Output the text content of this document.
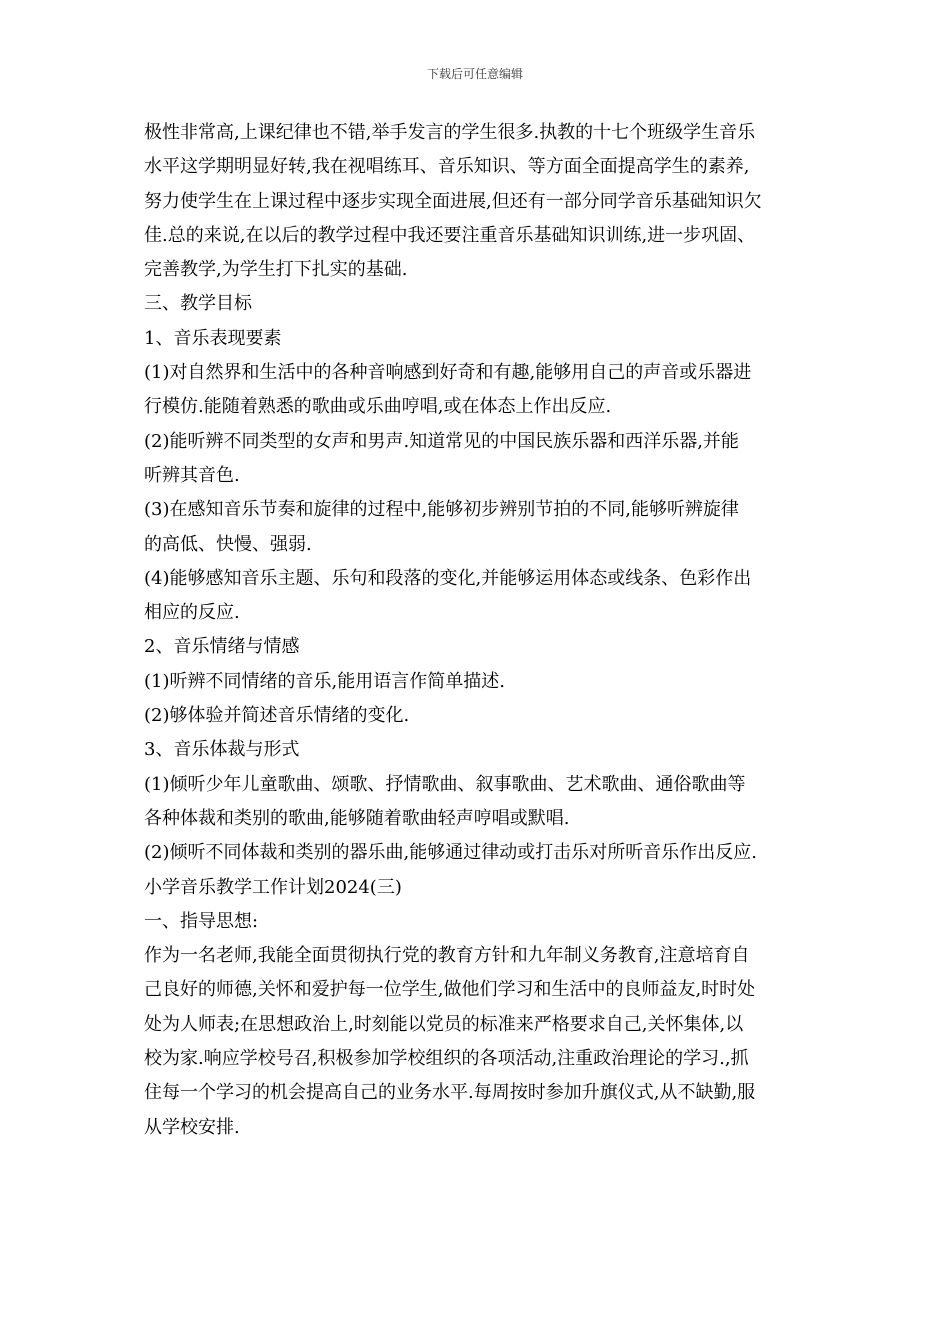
下载后可任意编辑
极性非常高,上课纪律也不错,举手发言的学生很多.执教的十七个班级学生音乐
水平这学期明显好转,我在视唱练耳、音乐知识、等方面全面提高学生的素养,
努力使学生在上课过程中逐步实现全面进展,但还有一部分同学音乐基础知识欠
佳.总的来说,在以后的教学过程中我还要注重音乐基础知识训练,进一步巩固、
完善教学,为学生打下扎实的基础.
三、教学目标
1、音乐表现要素
(1)对自然界和生活中的各种音响感到好奇和有趣,能够用自己的声音或乐器进
行模仿.能随着熟悉的歌曲或乐曲哼唱,或在体态上作出反应.
(2)能听辨不同类型的女声和男声.知道常见的中国民族乐器和西洋乐器,并能
听辨其音色.
(3)在感知音乐节奏和旋律的过程中,能够初步辨别节拍的不同,能够听辨旋律
的高低、快慢、强弱.
(4)能够感知音乐主题、乐句和段落的变化,并能够运用体态或线条、色彩作出
相应的反应.
2、音乐情绪与情感
(1)听辨不同情绪的音乐,能用语言作简单描述.
(2)够体验并简述音乐情绪的变化.
3、音乐体裁与形式
(1)倾听少年儿童歌曲、颂歌、抒情歌曲、叙事歌曲、艺术歌曲、通俗歌曲等
各种体裁和类别的歌曲,能够随着歌曲轻声哼唱或默唱.
(2)倾听不同体裁和类别的器乐曲,能够通过律动或打击乐对所听音乐作出反应.
小学音乐教学工作计划2024(三)
一、指导思想:
作为一名老师,我能全面贯彻执行党的教育方针和九年制义务教育,注意培育自
己良好的师德,关怀和爱护每一位学生,做他们学习和生活中的良师益友,时时处
处为人师表;在思想政治上,时刻能以党员的标准来严格要求自己,关怀集体,以
校为家.响应学校号召,积极参加学校组织的各项活动,注重政治理论的学习.,抓
住每一个学习的机会提高自己的业务水平.每周按时参加升旗仪式,从不缺勤,服
从学校安排.
